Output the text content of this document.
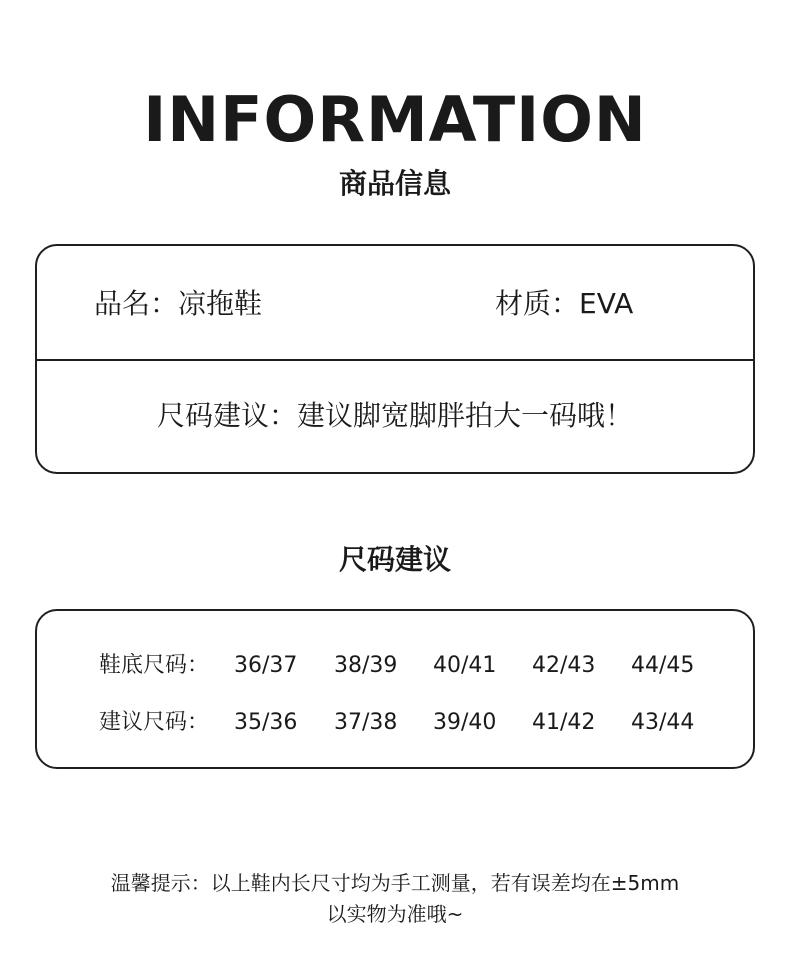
INFORMATION
商品信息
品名：凉拖鞋	材质：EVA
尺码建议：建议脚宽脚胖拍大一码哦！
尺码建议
鞋底尺码： 36/37 38/39 40/41 42/43 44/45
建议尺码： 35/36 37/38 39/40 41/42 43/44
温馨提示：以上鞋内长尺寸均为手工测量，若有误差均在±5mm
以实物为准哦~
